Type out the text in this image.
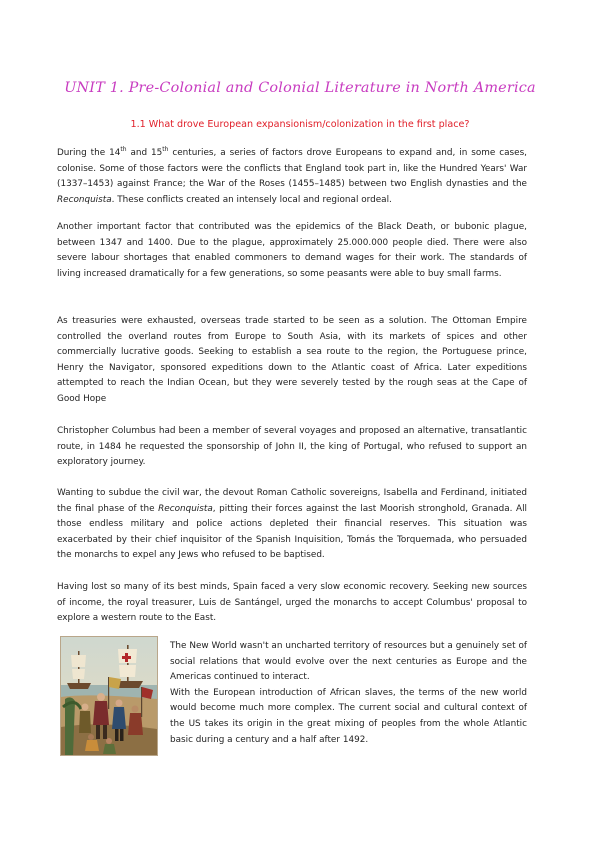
UNIT 1. Pre-Colonial and Colonial Literature in North America
1.1 What drove European expansionism/colonization in the first place?

During the 14th and 15th centuries, a series of factors drove Europeans to expand and, in some cases, colonise. Some of those factors were the conflicts that England took part in, like the Hundred Years' War (1337–1453) against France; the War of the Roses (1455–1485) between two English dynasties and the Reconquista. These conflicts created an intensely local and regional ordeal.

Another important factor that contributed was the epidemics of the Black Death, or bubonic plague, between 1347 and 1400. Due to the plague, approximately 25.000.000 people died. There were also severe labour shortages that enabled commoners to demand wages for their work. The standards of living increased dramatically for a few generations, so some peasants were able to buy small farms.

As treasuries were exhausted, overseas trade started to be seen as a solution. The Ottoman Empire controlled the overland routes from Europe to South Asia, with its markets of spices and other commercially lucrative goods. Seeking to establish a sea route to the region, the Portuguese prince, Henry the Navigator, sponsored expeditions down to the Atlantic coast of Africa. Later expeditions attempted to reach the Indian Ocean, but they were severely tested by the rough seas at the Cape of Good Hope

Christopher Columbus had been a member of several voyages and proposed an alternative, transatlantic route, in 1484 he requested the sponsorship of John II, the king of Portugal, who refused to support an exploratory journey.

Wanting to subdue the civil war, the devout Roman Catholic sovereigns, Isabella and Ferdinand, initiated the final phase of the Reconquista, pitting their forces against the last Moorish stronghold, Granada. All those endless military and police actions depleted their financial reserves. This situation was exacerbated by their chief inquisitor of the Spanish Inquisition, Tomás the Torquemada, who persuaded the monarchs to expel any Jews who refused to be baptised.

Having lost so many of its best minds, Spain faced a very slow economic recovery. Seeking new sources of income, the royal treasurer, Luis de Santángel, urged the monarchs to accept Columbus' proposal to explore a western route to the East.

The New World wasn't an uncharted territory of resources but a genuinely set of social relations that would evolve over the next centuries as Europe and the Americas continued to interact.
With the European introduction of African slaves, the terms of the new world would become much more complex. The current social and cultural context of the US takes its origin in the great mixing of peoples from the whole Atlantic basic during a century and a half after 1492.
